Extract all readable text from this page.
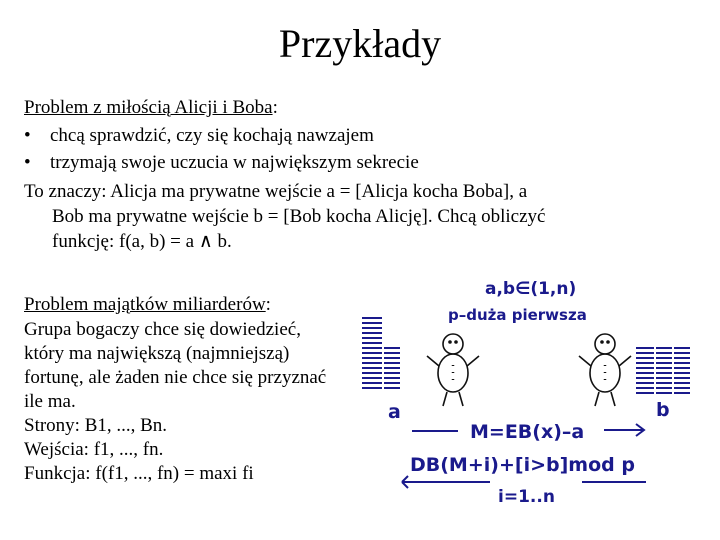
Przykłady
Problem z miłością Alicji i Boba:
• chcą sprawdzić, czy się kochają nawzajem
• trzymają swoje uczucia w największym sekrecie
To znaczy: Alicja ma prywatne wejście a = [Alicja kocha Boba], a
Bob ma prywatne wejście b = [Bob kocha Alicję]. Chcą obliczyć
funkcję: f(a, b) = a ∧ b.
Problem majątków miliarderów:
Grupa bogaczy chce się dowiedzieć,
który ma największą (najmniejszą)
fortunę, ale żaden nie chce się przyznać
ile ma.
Strony: B1, ..., Bn.
Wejścia: f1, ..., fn.
Funkcja: f(f1, ..., fn) = maxi fi
a,b∈(1,n)
p–duża pierwsza
a	b
M=EB(x)–a
DB(M+i)+[i>b]mod p
i=1..n
